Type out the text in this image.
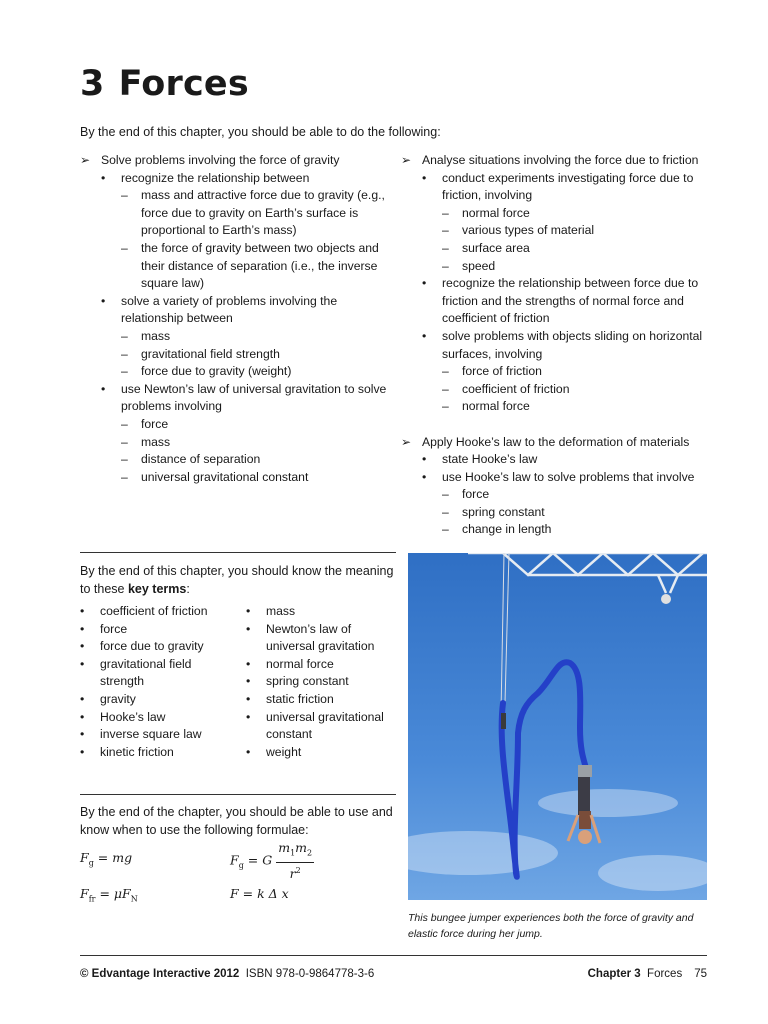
3 Forces
By the end of this chapter, you should be able to do the following:
➢ Solve problems involving the force of gravity
• recognize the relationship between
– mass and attractive force due to gravity (e.g.,
force due to gravity on Earth’s surface is
proportional to Earth’s mass)
– the force of gravity between two objects and
their distance of separation (i.e., the inverse
square law)
• solve a variety of problems involving the
relationship between
– mass
– gravitational field strength
– force due to gravity (weight)
• use Newton’s law of universal gravitation to solve
problems involving
– force
– mass
– distance of separation
– universal gravitational constant
➢ Analyse situations involving the force due to friction
• conduct experiments investigating force due to
friction, involving
– normal force
– various types of material
– surface area
– speed
• recognize the relationship between force due to
friction and the strengths of normal force and
coefficient of friction
• solve problems with objects sliding on horizontal
surfaces, involving
– force of friction
– coefficient of friction
– normal force
➢ Apply Hooke’s law to the deformation of materials
• state Hooke’s law
• use Hooke’s law to solve problems that involve
– force
– spring constant
– change in length
By the end of this chapter, you should know the meaning
to these key terms:
• coefficient of friction
• force
• force due to gravity
• gravitational field
strength
• gravity
• Hooke’s law
• inverse square law
• kinetic friction
• mass
• Newton’s law of
universal gravitation
• normal force
• spring constant
• static friction
• universal gravitational
constant
• weight
By the end of the chapter, you should be able to use and
know when to use the following formulae:
$F_g$ = mg	$F_g = G \frac{m_1m_2}{r^2}$
$F_{fr} = \mu F_N$	F = k Δ x
This bungee jumper experiences both the force of gravity and
elastic force during her jump.
© Edvantage Interactive 2012 ISBN 978-0-9864778-3-6	Chapter 3 Forces 75
